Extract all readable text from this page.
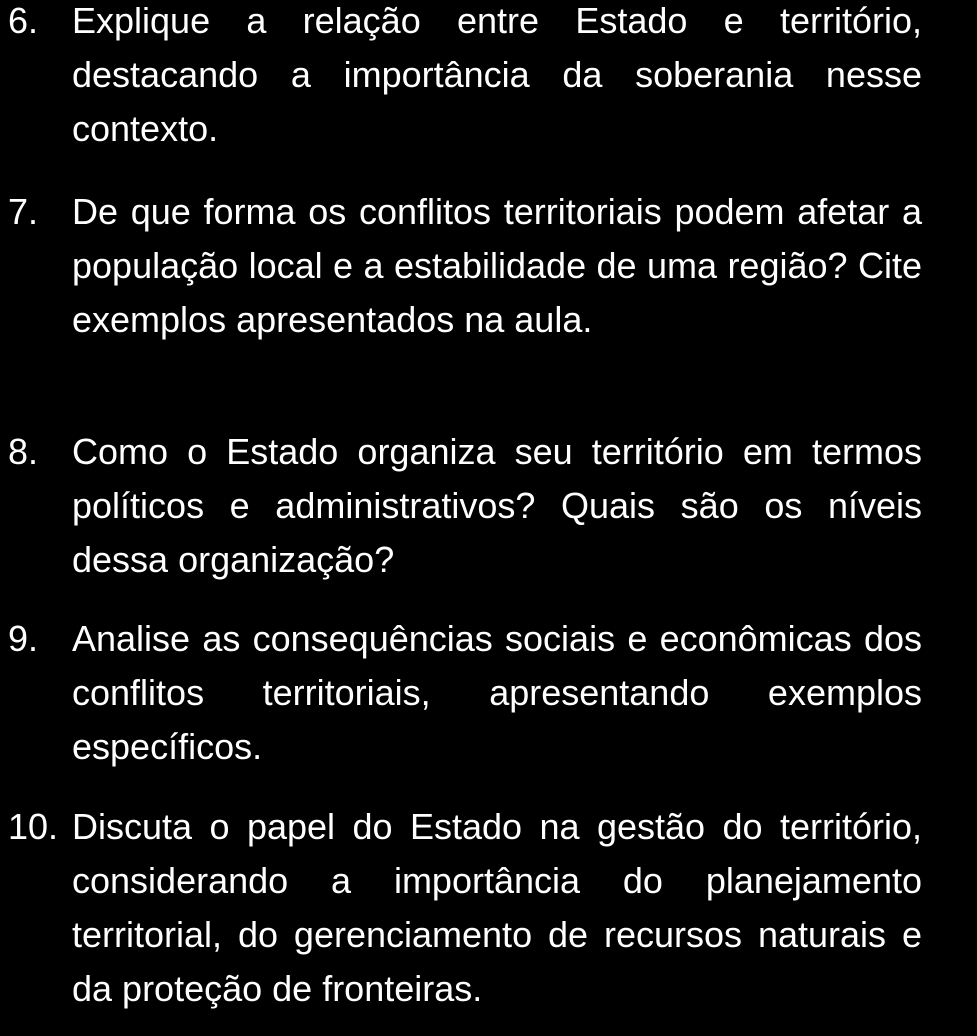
6. Explique a relação entre Estado e território, destacando a importância da soberania nesse contexto.
7. De que forma os conflitos territoriais podem afetar a população local e a estabilidade de uma região? Cite exemplos apresentados na aula.
8. Como o Estado organiza seu território em termos políticos e administrativos? Quais são os níveis dessa organização?
9. Analise as consequências sociais e econômicas dos conflitos territoriais, apresentando exemplos específicos.
10. Discuta o papel do Estado na gestão do território, considerando a importância do planejamento territorial, do gerenciamento de recursos naturais e da proteção de fronteiras.
